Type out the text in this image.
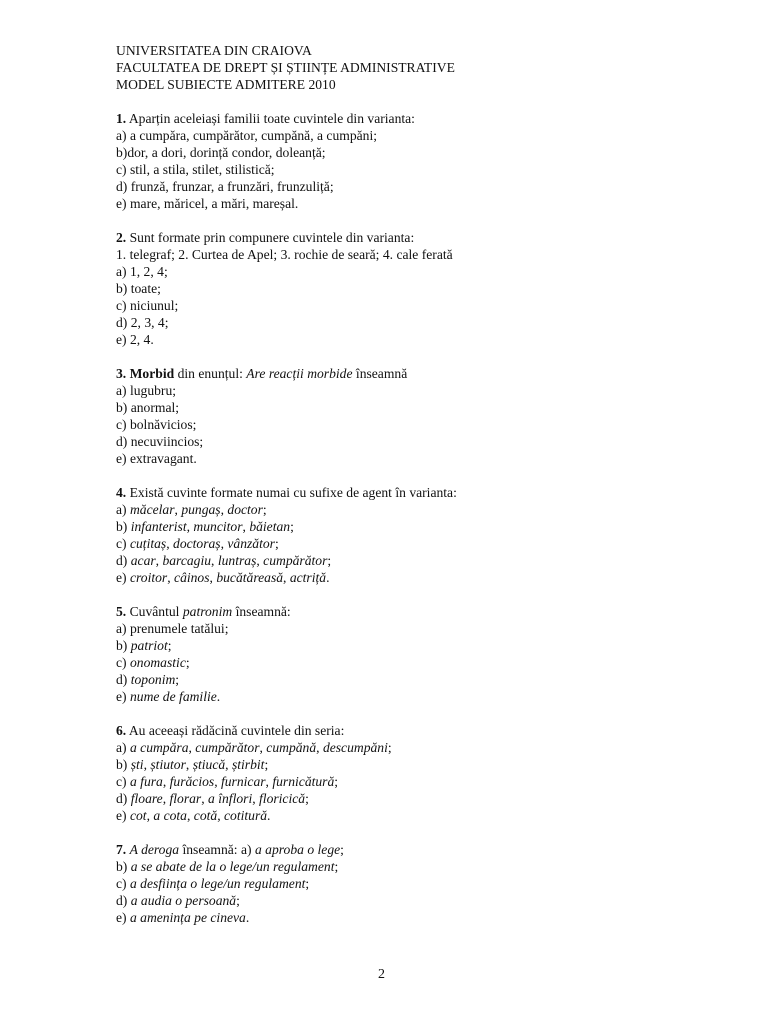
UNIVERSITATEA DIN CRAIOVA
FACULTATEA DE DREPT ȘI ȘTIINȚE ADMINISTRATIVE
MODEL SUBIECTE ADMITERE 2010
1. Aparțin aceleiași familii toate cuvintele din varianta:
a) a cumpăra, cumpărător, cumpănă, a cumpăni;
b)dor, a dori, dorință condor, doleanță;
c) stil, a stila, stilet, stilistică;
d) frunză, frunzar, a frunzări, frunzuliță;
e) mare, măricel, a mări, mareșal.
2. Sunt formate prin compunere cuvintele din varianta:
1. telegraf; 2. Curtea de Apel; 3. rochie de seară; 4. cale ferată
a) 1, 2, 4;
b) toate;
c) niciunul;
d) 2, 3, 4;
e) 2, 4.
3. Morbid din enunțul: Are reacții morbide înseamnă
a) lugubru;
b) anormal;
c) bolnăvicios;
d) necuviincios;
e) extravagant.
4. Există cuvinte formate numai cu sufixe de agent în varianta:
a) măcelar, pungaș, doctor;
b) infanterist, muncitor, băietan;
c) cuțitaș, doctoraș, vânzător;
d) acar, barcagiu, luntraș, cumpărător;
e) croitor, câinos, bucătăreasă, actriță.
5. Cuvântul patronim înseamnă:
a) prenumele tatălui;
b) patriot;
c) onomastic;
d) toponim;
e) nume de familie.
6. Au aceeași rădăcină cuvintele din seria:
a) a cumpăra, cumpărător, cumpănă, descumpăni;
b) ști, știutor, știucă, știrbit;
c) a fura, furăcios, furnicar, furnicătură;
d) floare, florar, a înflori, floricică;
e) cot, a cota, cotă, cotitură.
7. A deroga înseamnă: a) a aproba o lege;
b) a se abate de la o lege/un regulament;
c) a desființa o lege/un regulament;
d) a audia o persoană;
e) a amenința pe cineva.
2
